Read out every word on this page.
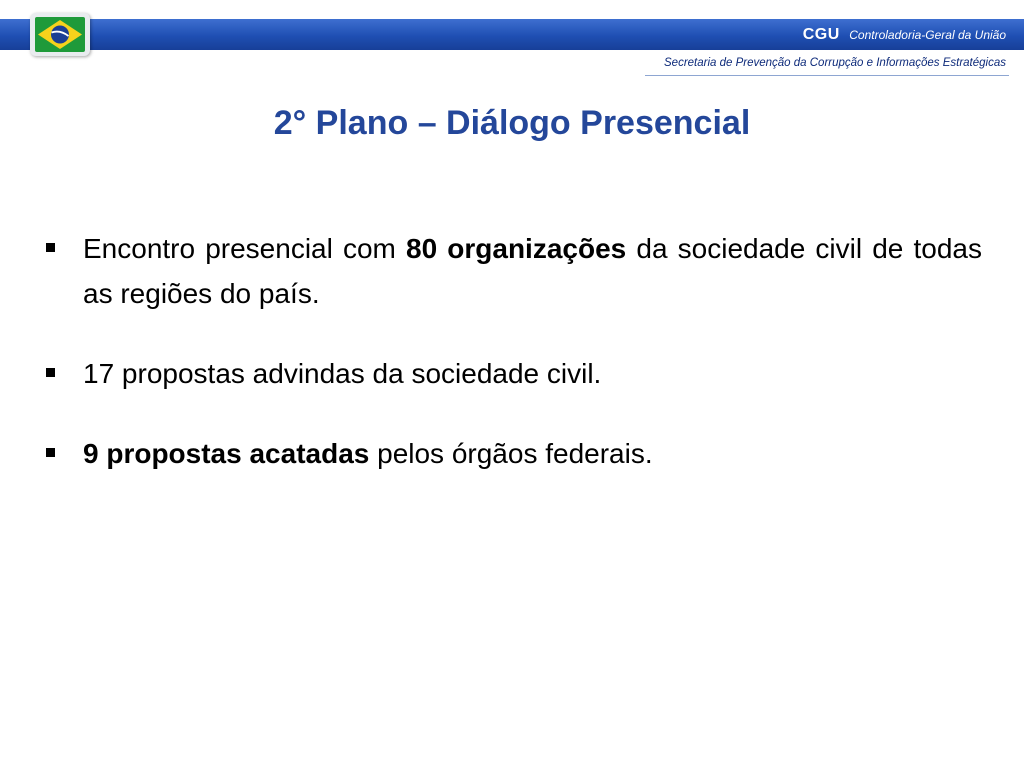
CGU Controladoria-Geral da União
Secretaria de Prevenção da Corrupção e Informações Estratégicas
2° Plano – Diálogo Presencial
Encontro presencial com 80 organizações da sociedade civil de todas as regiões do país.
17 propostas advindas da sociedade civil.
9 propostas acatadas pelos órgãos federais.
